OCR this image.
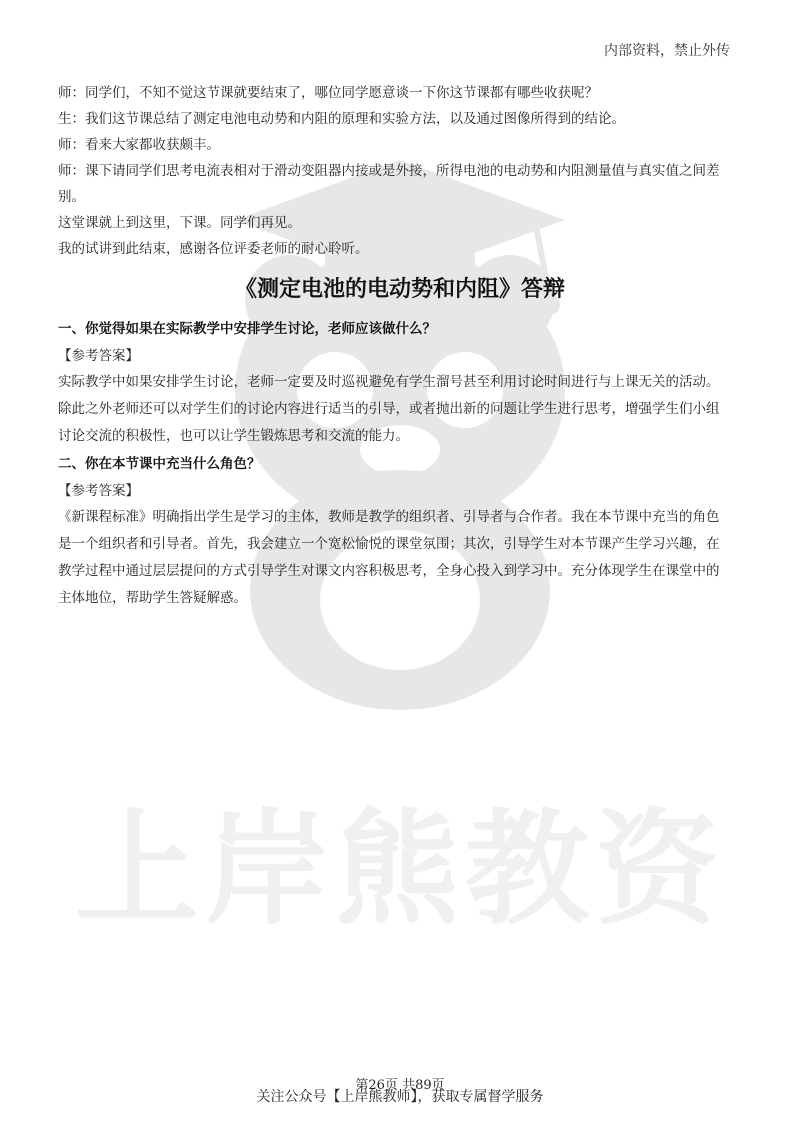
上岸熊教资
内部资料，禁止外传

师：同学们，不知不觉这节课就要结束了，哪位同学愿意谈一下你这节课都有哪些收获呢？

生：我们这节课总结了测定电池电动势和内阻的原理和实验方法，以及通过图像所得到的结论。

师：看来大家都收获颇丰。

师：课下请同学们思考电流表相对于滑动变阻器内接或是外接，所得电池的电动势和内阻测量值与真实值之间差

别。

这堂课就上到这里，下课。同学们再见。

我的试讲到此结束，感谢各位评委老师的耐心聆听。

《测定电池的电动势和内阻》答辩

一、你觉得如果在实际教学中安排学生讨论，老师应该做什么？

【参考答案】

实际教学中如果安排学生讨论，老师一定要及时巡视避免有学生溜号甚至利用讨论时间进行与上课无关的活动。

除此之外老师还可以对学生们的讨论内容进行适当的引导，或者抛出新的问题让学生进行思考，增强学生们小组

讨论交流的积极性，也可以让学生锻炼思考和交流的能力。

二、你在本节课中充当什么角色？

【参考答案】

《新课程标准》明确指出学生是学习的主体，教师是教学的组织者、引导者与合作者。我在本节课中充当的角色

是一个组织者和引导者。首先，我会建立一个宽松愉悦的课堂氛围；其次，引导学生对本节课产生学习兴趣，在

教学过程中通过层层提问的方式引导学生对课文内容积极思考，全身心投入到学习中。充分体现学生在课堂中的

主体地位，帮助学生答疑解惑。

第26页 共89页
关注公众号【上岸熊教师】，获取专属督学服务
